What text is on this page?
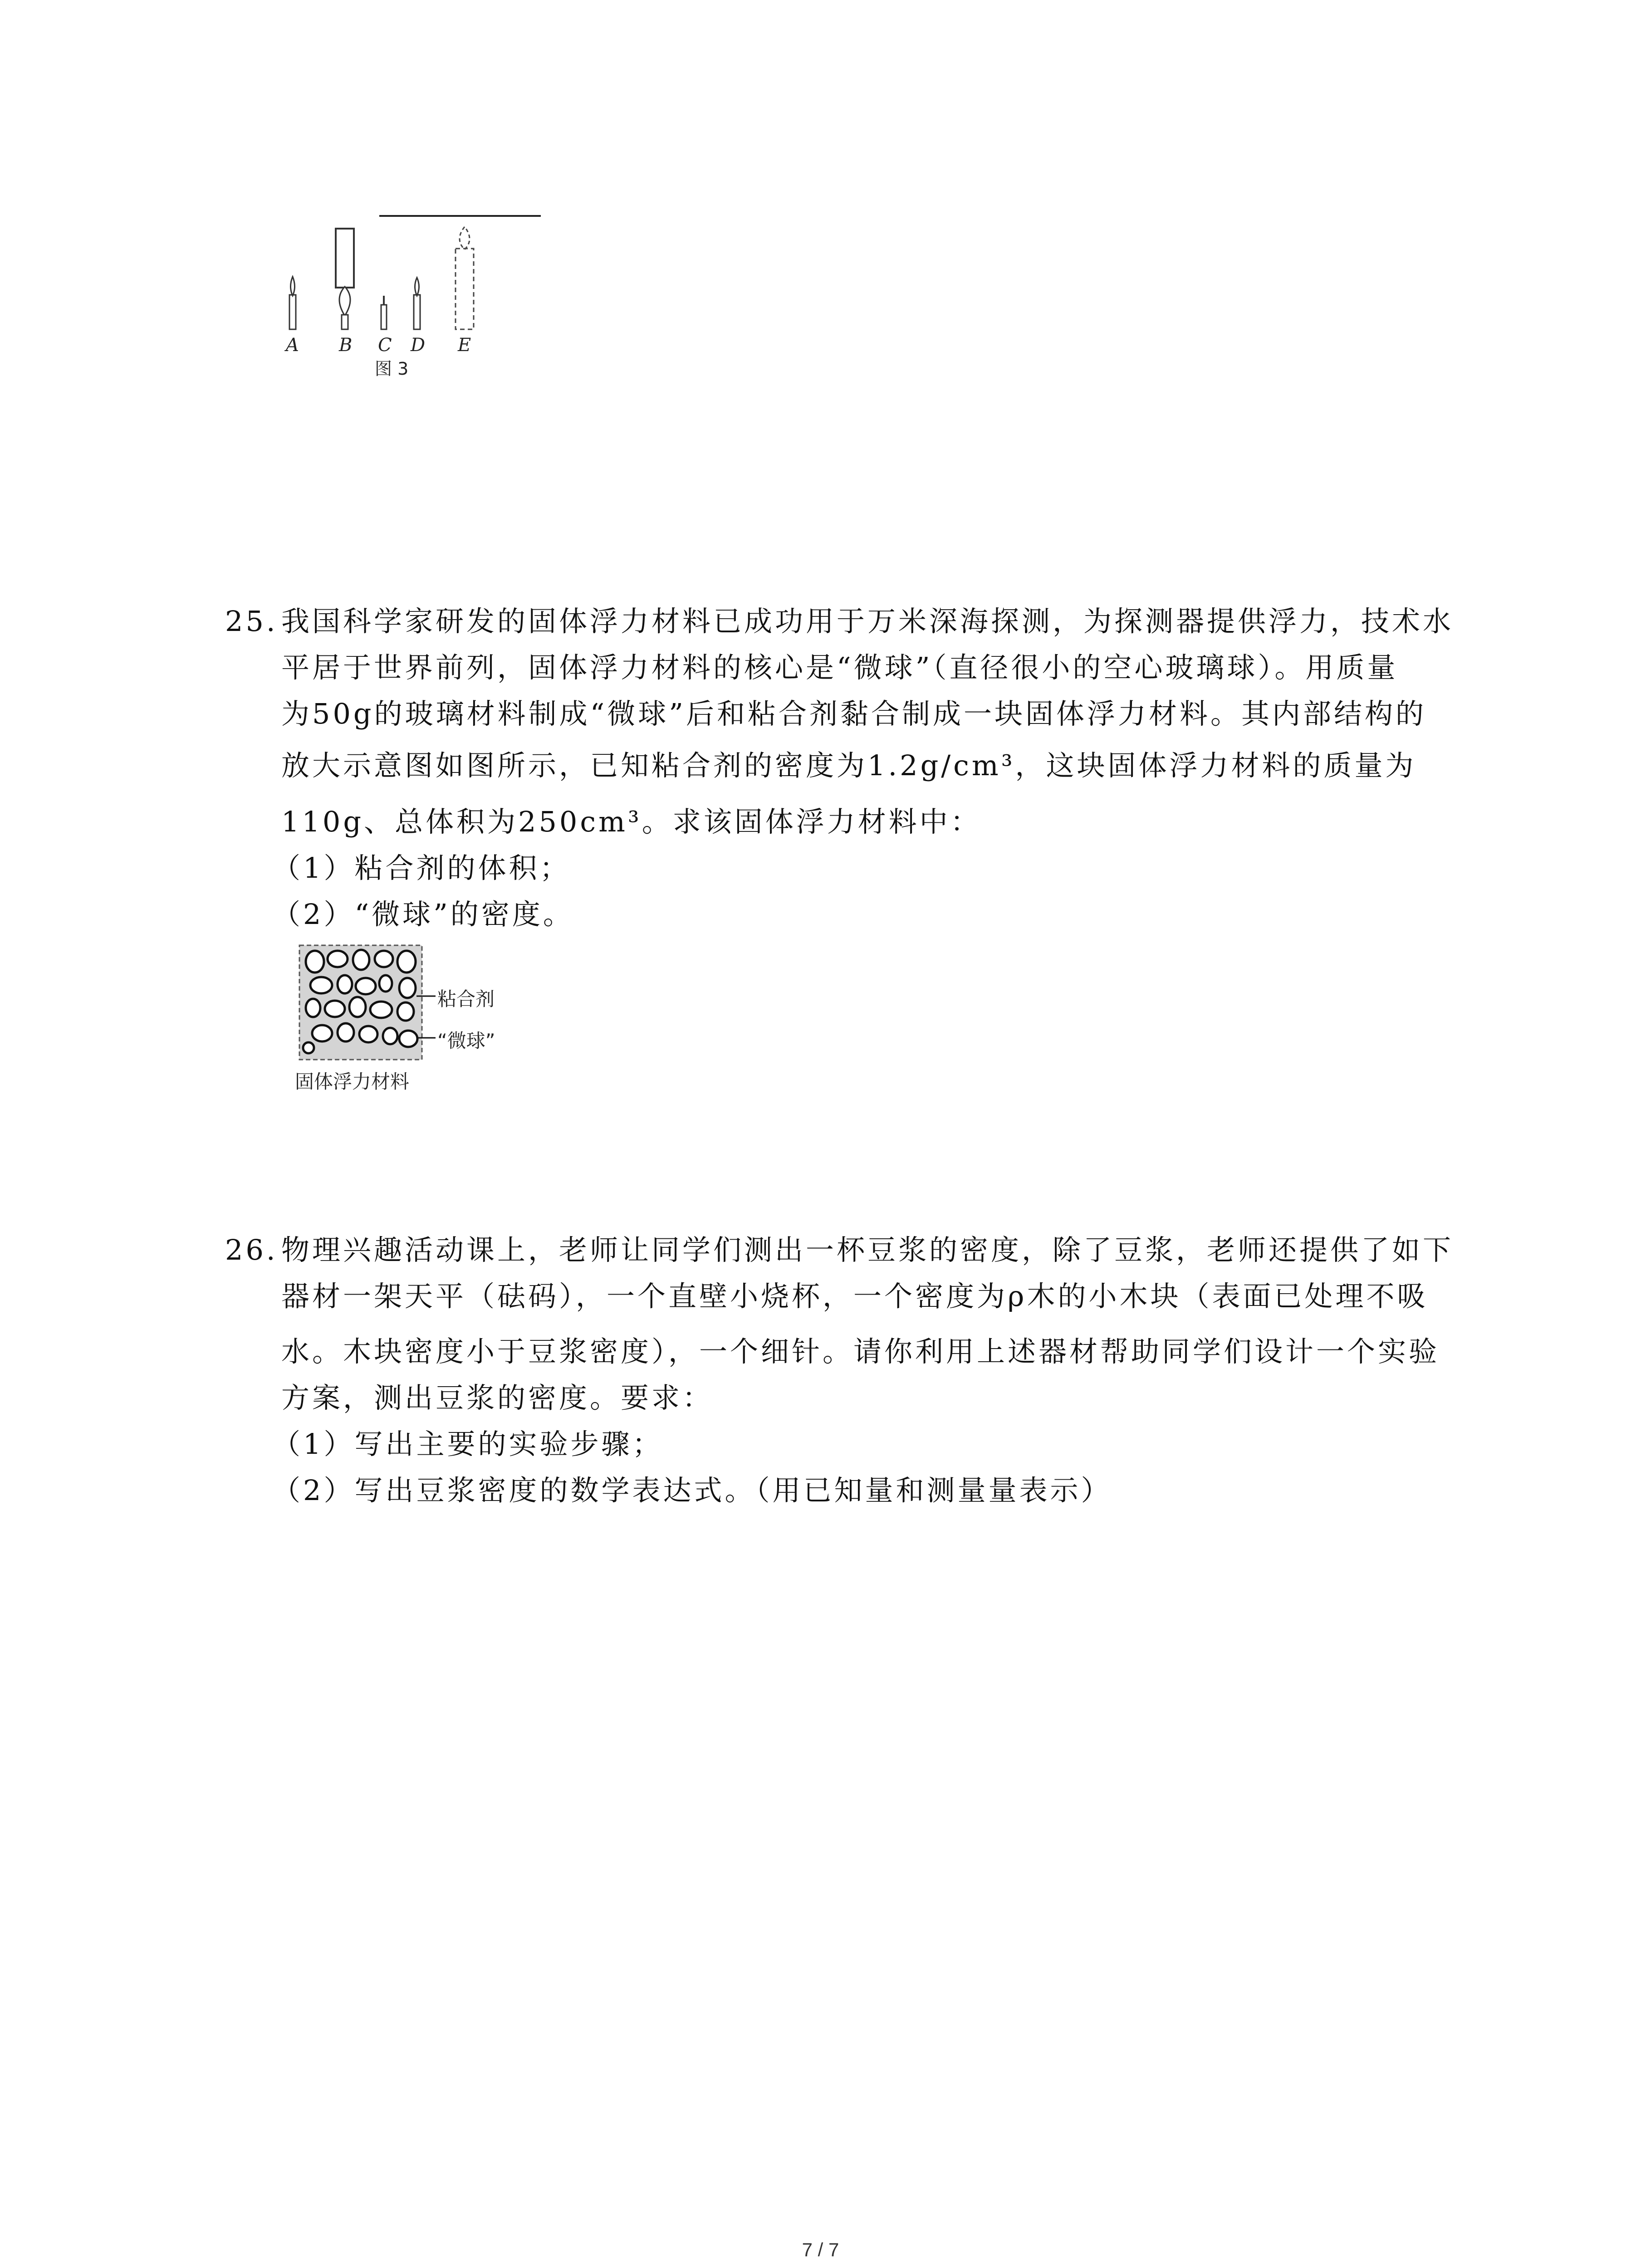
A B C D E
图 3
25. 我国科学家研发的固体浮力材料已成功用于万米深海探测，为探测器提供浮力，技术水
平居于世界前列，固体浮力材料的核心是“微球”（直径很小的空心玻璃球）。用质量
为50g的玻璃材料制成“微球”后和粘合剂黏合制成一块固体浮力材料。其内部结构的
放大示意图如图所示，已知粘合剂的密度为1.2g/cm³，这块固体浮力材料的质量为
110g、总体积为250cm³。求该固体浮力材料中：
（1）粘合剂的体积；
（2）“微球”的密度。
粘合剂
“微球”
固体浮力材料
26. 物理兴趣活动课上，老师让同学们测出一杯豆浆的密度，除了豆浆，老师还提供了如下
器材一架天平（砝码），一个直壁小烧杯，一个密度为ρ木的小木块（表面已处理不吸
水。木块密度小于豆浆密度），一个细针。请你利用上述器材帮助同学们设计一个实验
方案，测出豆浆的密度。要求：
（1）写出主要的实验步骤；
（2）写出豆浆密度的数学表达式。（用已知量和测量量表示）
7 / 7
